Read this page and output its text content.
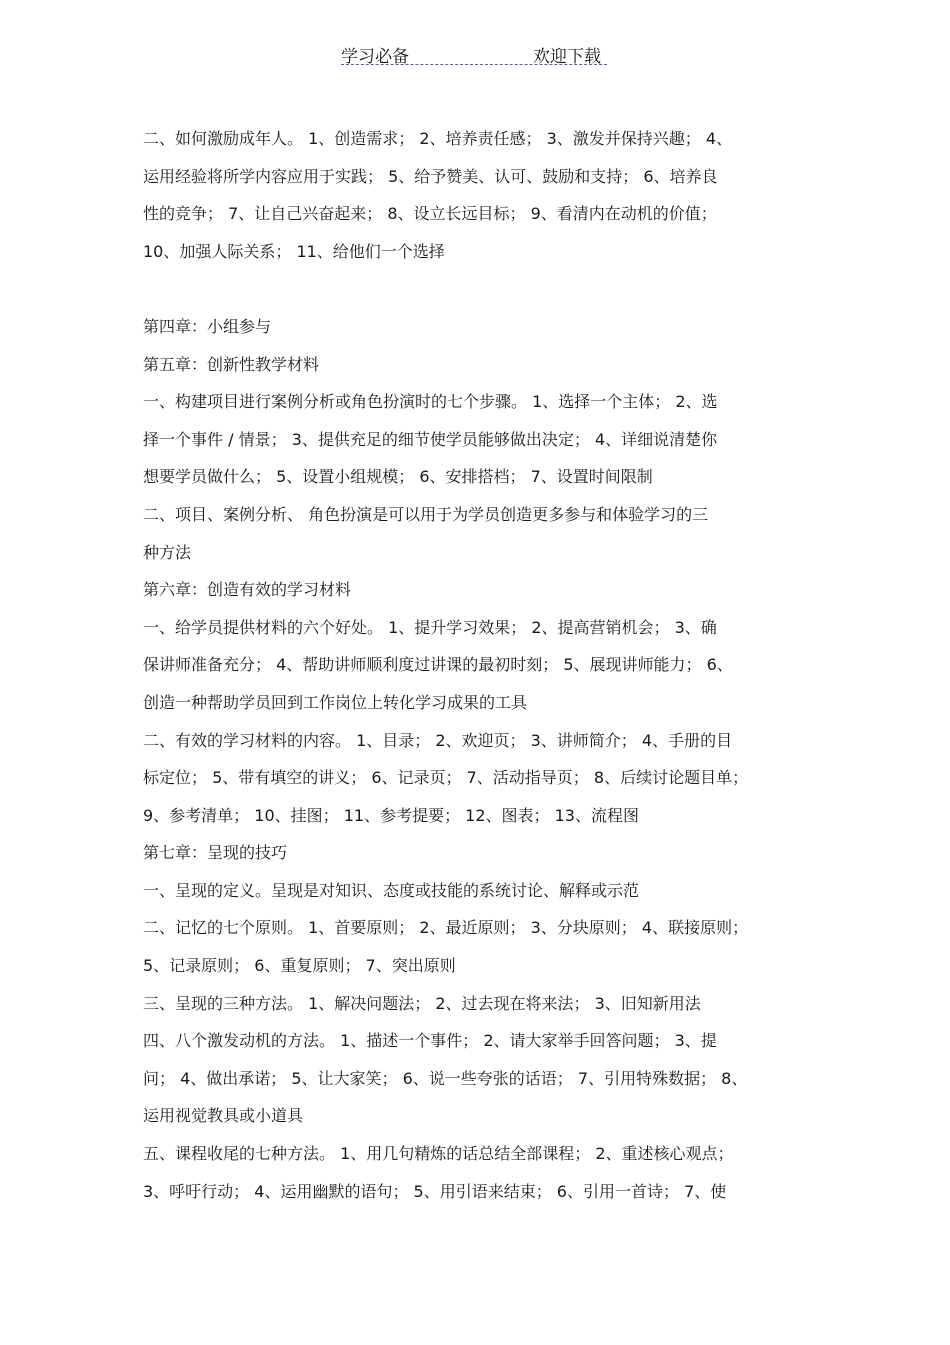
学习必备	欢迎下载
二、如何激励成年人。 1、创造需求； 2、培养责任感； 3、激发并保持兴趣； 4、
运用经验将所学内容应用于实践； 5、给予赞美、认可、鼓励和支持； 6、培养良
性的竞争； 7、让自己兴奋起来； 8、设立长远目标； 9、看清内在动机的价值；
10、加强人际关系； 11、给他们一个选择
第四章：小组参与
第五章：创新性教学材料
一、构建项目进行案例分析或角色扮演时的七个步骤。 1、选择一个主体； 2、选
择一个事件 / 情景； 3、提供充足的细节使学员能够做出决定； 4、详细说清楚你
想要学员做什么； 5、设置小组规模； 6、安排搭档； 7、设置时间限制
二、项目、案例分析、 角色扮演是可以用于为学员创造更多参与和体验学习的三
种方法
第六章：创造有效的学习材料
一、给学员提供材料的六个好处。 1、提升学习效果； 2、提高营销机会； 3、确
保讲师准备充分； 4、帮助讲师顺利度过讲课的最初时刻； 5、展现讲师能力； 6、
创造一种帮助学员回到工作岗位上转化学习成果的工具
二、有效的学习材料的内容。 1、目录； 2、欢迎页； 3、讲师简介； 4、手册的目
标定位； 5、带有填空的讲义； 6、记录页； 7、活动指导页； 8、后续讨论题目单；
9、参考清单； 10、挂图； 11、参考提要； 12、图表； 13、流程图
第七章：呈现的技巧
一、呈现的定义。呈现是对知识、态度或技能的系统讨论、解释或示范
二、记忆的七个原则。 1、首要原则； 2、最近原则； 3、分块原则； 4、联接原则；
5、记录原则； 6、重复原则； 7、突出原则
三、呈现的三种方法。 1、解决问题法； 2、过去现在将来法； 3、旧知新用法
四、八个激发动机的方法。 1、描述一个事件； 2、请大家举手回答问题； 3、提
问； 4、做出承诺； 5、让大家笑； 6、说一些夸张的话语； 7、引用特殊数据； 8、
运用视觉教具或小道具
五、课程收尾的七种方法。 1、用几句精炼的话总结全部课程； 2、重述核心观点；
3、呼吁行动； 4、运用幽默的语句； 5、用引语来结束； 6、引用一首诗； 7、使
